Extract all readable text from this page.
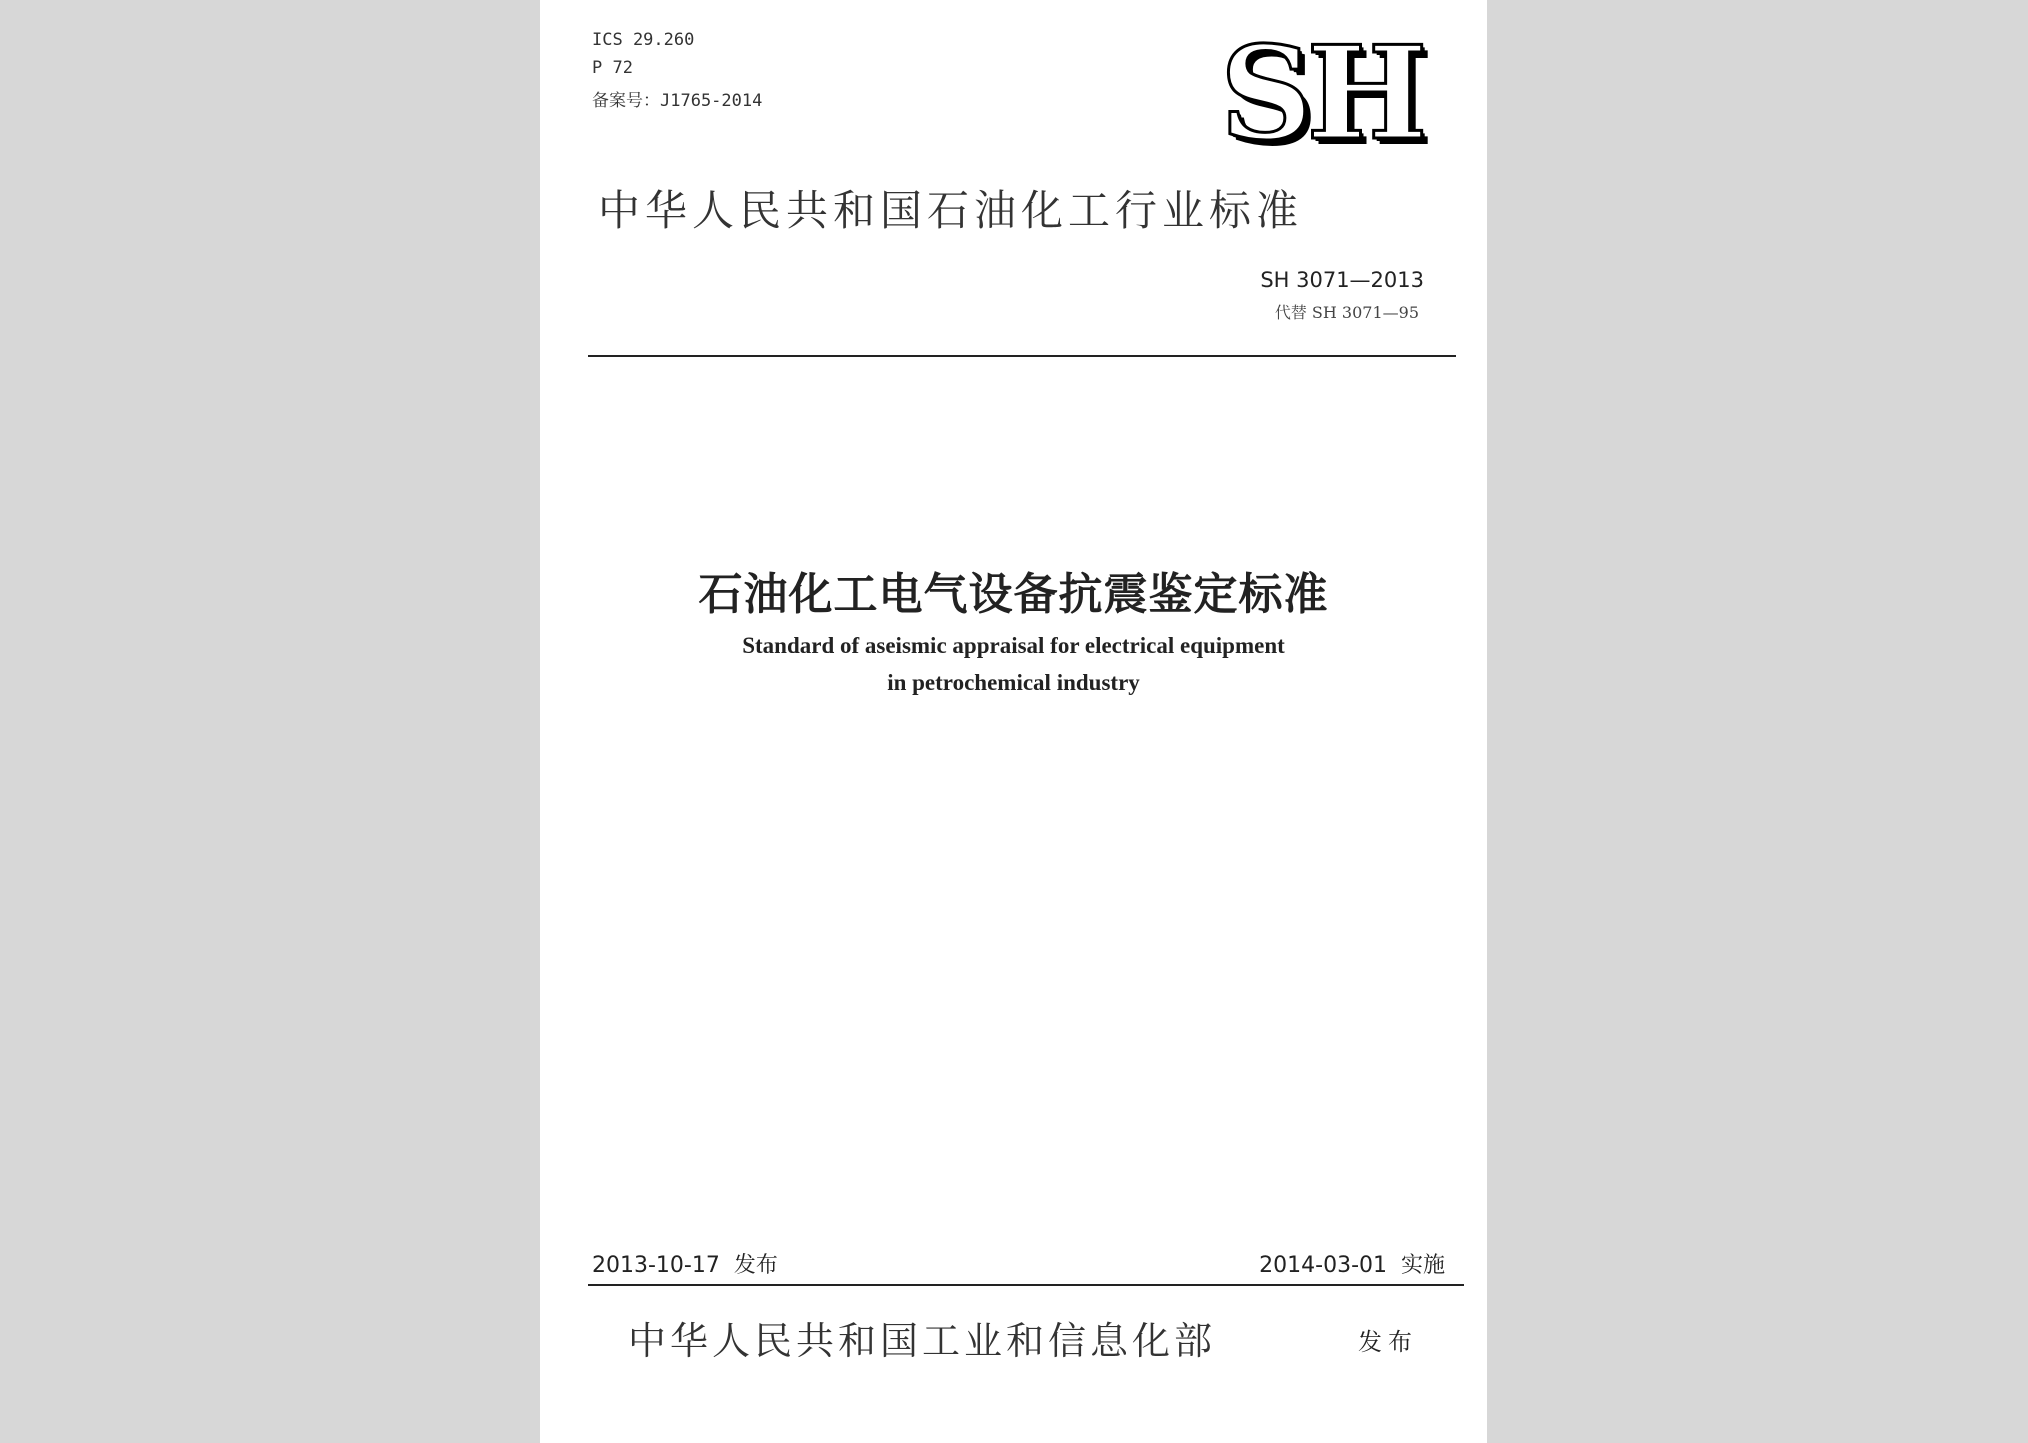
ICS 29.260
P 72
备案号：J1765-2014	SH
中华人民共和国石油化工行业标准
SH 3071—2013
代替 SH 3071—95
石油化工电气设备抗震鉴定标准
Standard of aseismic appraisal for electrical equipment
in petrochemical industry
2013-10-17  发布	2014-03-01  实施
中华人民共和国工业和信息化部	发布
